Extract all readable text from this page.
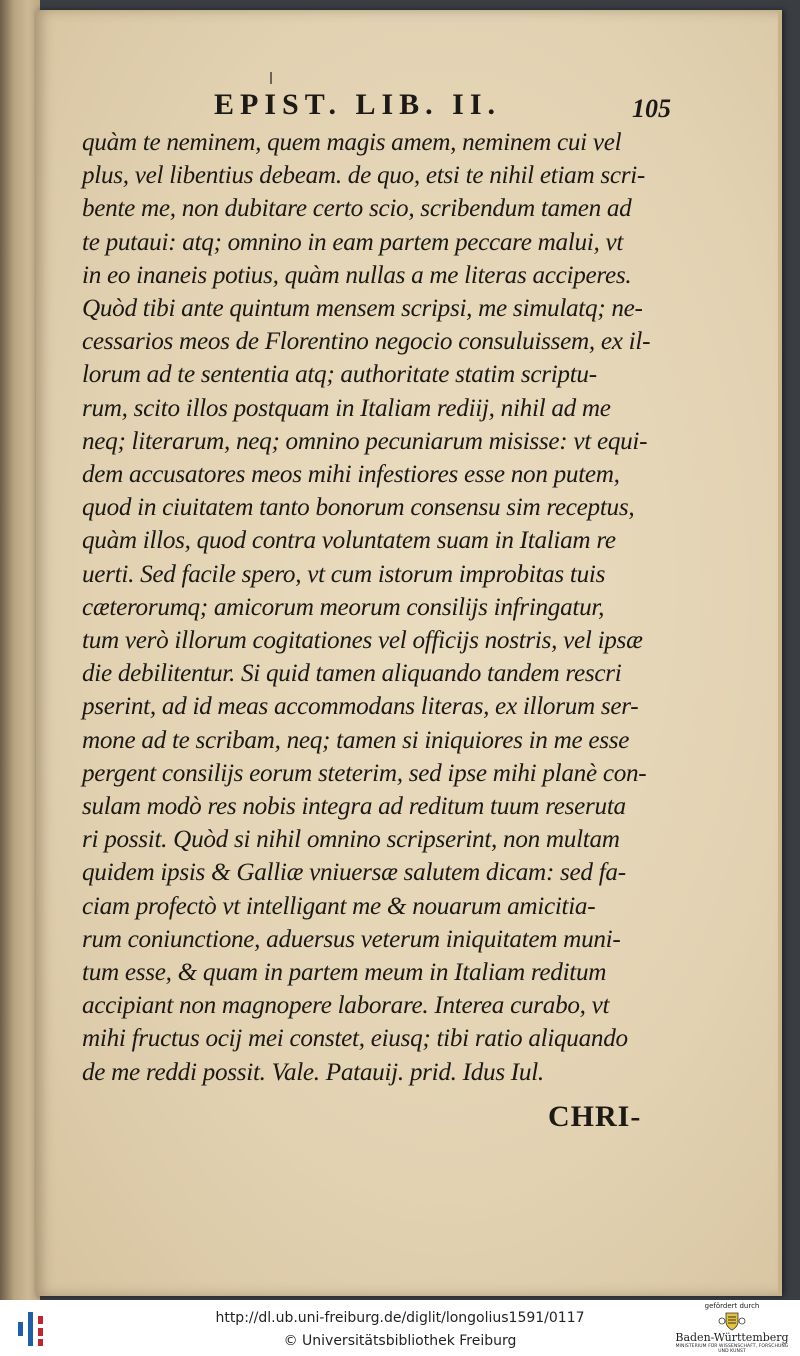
EPIST. LIB. II.	105
quàm te neminem, quem magis amem, neminem cui vel
plus, vel libentius debeam. de quo, etsi te nihil etiam scri-
bente me, non dubitare certo scio, scribendum tamen ad
te putaui: atq; omnino in eam partem peccare malui, vt
in eo inaneis potius, quàm nullas a me literas acciperes.
Quòd tibi ante quintum mensem scripsi, me simulatq; ne-
cessarios meos de Florentino negocio consuluissem, ex il-
lorum ad te sententia atq; authoritate statim scriptu-
rum, scito illos postquam in Italiam rediij, nihil ad me
neq; literarum, neq; omnino pecuniarum misisse: vt equi-
dem accusatores meos mihi infestiores esse non putem,
quod in ciuitatem tanto bonorum consensu sim receptus,
quàm illos, quod contra voluntatem suam in Italiam re
uerti. Sed facile spero, vt cum istorum improbitas tuis
cæterorumq; amicorum meorum consilijs infringatur,
tum verò illorum cogitationes vel officijs nostris, vel ipsæ
die debilitentur. Si quid tamen aliquando tandem rescri
pserint, ad id meas accommodans literas, ex illorum ser-
mone ad te scribam, neq; tamen si iniquiores in me esse
pergent consilijs eorum steterim, sed ipse mihi planè con-
sulam modò res nobis integra ad reditum tuum reseruta
ri possit. Quòd si nihil omnino scripserint, non multam
quidem ipsis & Galliæ vniuersæ salutem dicam: sed fa-
ciam profectò vt intelligant me & nouarum amicitia-
rum coniunctione, aduersus veterum iniquitatem muni-
tum esse, & quam in partem meum in Italiam reditum
accipiant non magnopere laborare. Interea curabo, vt
mihi fructus ocij mei constet, eiusq; tibi ratio aliquando
de me reddi possit. Vale. Patauij. prid. Idus Iul.
CHRI-
http://dl.ub.uni-freiburg.de/diglit/longolius1591/0117
© Universitätsbibliothek Freiburg
gefördert durch
Baden-Württemberg
MINISTERIUM FÜR WISSENSCHAFT, FORSCHUNG UND KUNST
